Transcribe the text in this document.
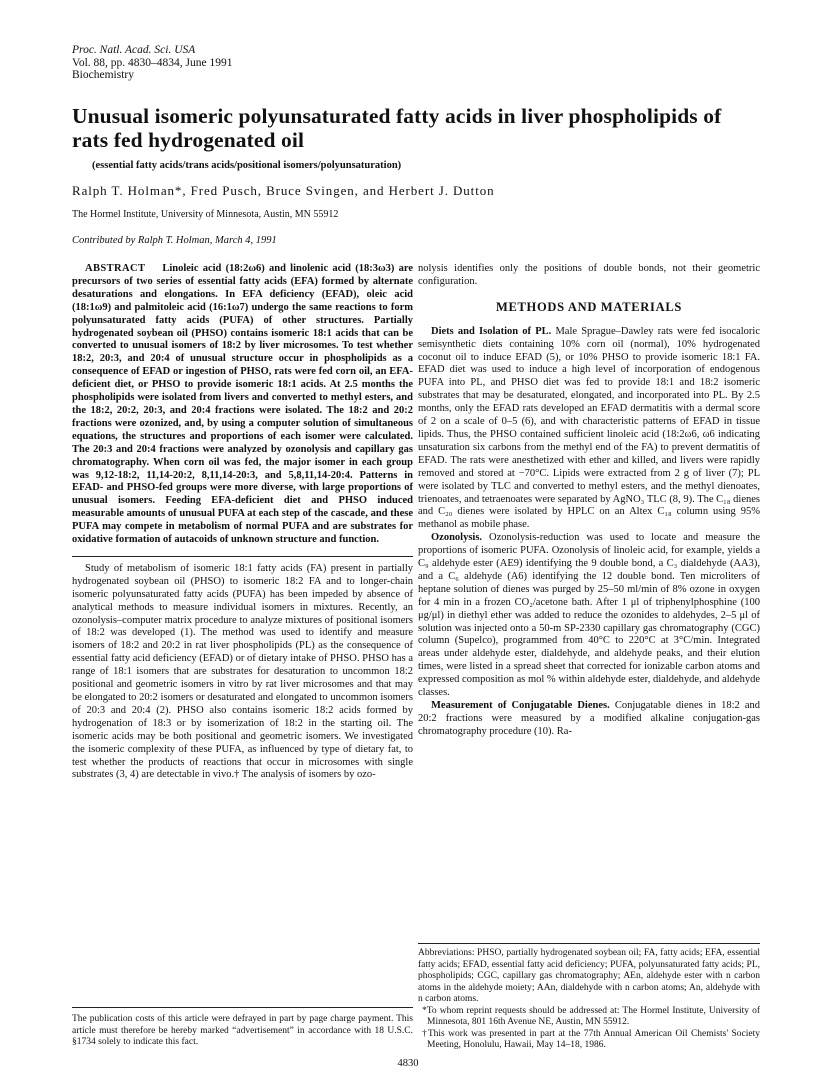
Proc. Natl. Acad. Sci. USA
Vol. 88, pp. 4830–4834, June 1991
Biochemistry
Unusual isomeric polyunsaturated fatty acids in liver phospholipids of rats fed hydrogenated oil
(essential fatty acids/trans acids/positional isomers/polyunsaturation)
Ralph T. Holman*, Fred Pusch, Bruce Svingen, and Herbert J. Dutton
The Hormel Institute, University of Minnesota, Austin, MN 55912
Contributed by Ralph T. Holman, March 4, 1991

ABSTRACT Linoleic acid (18:2ω6) and linolenic acid (18:3ω3) are precursors of two series of essential fatty acids (EFA) formed by alternate desaturations and elongations. In EFA deficiency (EFAD), oleic acid (18:1ω9) and palmitoleic acid (16:1ω7) undergo the same reactions to form polyunsaturated fatty acids (PUFA) of other structures. Partially hydrogenated soybean oil (PHSO) contains isomeric 18:1 acids that can be converted to unusual isomers of 18:2 by liver microsomes. To test whether 18:2, 20:3, and 20:4 of unusual structure occur in phospholipids as a consequence of EFAD or ingestion of PHSO, rats were fed corn oil, an EFA-deficient diet, or PHSO to provide isomeric 18:1 acids. At 2.5 months the phospholipids were isolated from livers and converted to methyl esters, and the 18:2, 20:2, 20:3, and 20:4 fractions were isolated. The 18:2 and 20:2 fractions were ozonized, and, by using a computer solution of simultaneous equations, the structures and proportions of each isomer were calculated. The 20:3 and 20:4 fractions were analyzed by ozonolysis and capillary gas chromatography. When corn oil was fed, the major isomer in each group was 9,12-18:2, 11,14-20:2, 8,11,14-20:3, and 5,8,11,14-20:4. Patterns in EFAD- and PHSO-fed groups were more diverse, with large proportions of unusual isomers. Feeding EFA-deficient diet and PHSO induced measurable amounts of unusual PUFA at each step of the cascade, and these PUFA may compete in metabolism of normal PUFA and are substrates for oxidative formation of autacoids of unknown structure and function.

Study of metabolism of isomeric 18:1 fatty acids (FA) present in partially hydrogenated soybean oil (PHSO) to isomeric 18:2 FA and to longer-chain isomeric polyunsaturated fatty acids (PUFA) has been impeded by absence of analytical methods to measure individual isomers in mixtures. Recently, an ozonolysis–computer matrix procedure to analyze mixtures of positional isomers of 18:2 was developed (1). The method was used to identify and measure isomers of 18:2 and 20:2 in rat liver phospholipids (PL) as the consequence of essential fatty acid deficiency (EFAD) or of dietary intake of PHSO. PHSO has a range of 18:1 isomers that are substrates for desaturation to uncommon 18:2 positional and geometric isomers in vitro by rat liver microsomes and that may be elongated to 20:2 isomers or desaturated and elongated to uncommon isomers of 20:3 and 20:4 (2). PHSO also contains isomeric 18:2 acids formed by hydrogenation of 18:3 or by isomerization of 18:2 in the starting oil. The isomeric acids may be both positional and geometric isomers. We investigated the isomeric complexity of these PUFA, as influenced by type of dietary fat, to test whether the products of reactions that occur in microsomes with single substrates (3, 4) are detectable in vivo.† The analysis of isomers by ozo-

The publication costs of this article were defrayed in part by page charge payment. This article must therefore be hereby marked “advertisement” in accordance with 18 U.S.C. §1734 solely to indicate this fact.

nolysis identifies only the positions of double bonds, not their geometric configuration.

METHODS AND MATERIALS

Diets and Isolation of PL. Male Sprague–Dawley rats were fed isocaloric semisynthetic diets containing 10% corn oil (normal), 10% hydrogenated coconut oil to induce EFAD (5), or 10% PHSO to provide isomeric 18:1 FA. EFAD diet was used to induce a high level of incorporation of endogenous PUFA into PL, and PHSO diet was fed to provide 18:1 and 18:2 isomeric substrates that may be desaturated, elongated, and incorporated into PL. By 2.5 months, only the EFAD rats developed an EFAD dermatitis with a dermal score of 2 on a scale of 0–5 (6), and with characteristic patterns of EFAD in tissue lipids. Thus, the PHSO contained sufficient linoleic acid (18:2ω6, ω6 indicating unsaturation six carbons from the methyl end of the FA) to prevent dermatitis of EFAD. The rats were anesthetized with ether and killed, and livers were rapidly removed and stored at −70°C. Lipids were extracted from 2 g of liver (7); PL were isolated by TLC and converted to methyl esters, and the methyl dienoates, trienoates, and tetraenoates were separated by AgNO₃ TLC (8, 9). The C₁₈ dienes and C₂₀ dienes were isolated by HPLC on an Altex C₁₈ column using 95% methanol as mobile phase.

Ozonolysis. Ozonolysis-reduction was used to locate and measure the proportions of isomeric PUFA. Ozonolysis of linoleic acid, for example, yields a C₉ aldehyde ester (AE9) identifying the 9 double bond, a C₃ dialdehyde (AA3), and a C₆ aldehyde (A6) identifying the 12 double bond. Ten microliters of heptane solution of dienes was purged by 25–50 ml/min of 8% ozone in oxygen for 4 min in a frozen CO₂/acetone bath. After 1 μl of triphenylphosphine (100 μg/μl) in diethyl ether was added to reduce the ozonides to aldehydes, 2–5 μl of solution was injected onto a 50-m SP-2330 capillary gas chromatography (CGC) column (Supelco), programmed from 40°C to 220°C at 3°C/min. Integrated areas under aldehyde ester, dialdehyde, and aldehyde peaks, and their elution times, were listed in a spread sheet that corrected for ionizable carbon atoms and expressed composition as mol % within aldehyde ester, dialdehyde, and aldehyde classes.

Measurement of Conjugatable Dienes. Conjugatable dienes in 18:2 and 20:2 fractions were measured by a modified alkaline conjugation-gas chromatography procedure (10). Ra-

Abbreviations: PHSO, partially hydrogenated soybean oil; FA, fatty acids; EFA, essential fatty acids; EFAD, essential fatty acid deficiency; PUFA, polyunsaturated fatty acids; PL, phospholipids; CGC, capillary gas chromatography; AEn, aldehyde ester with n carbon atoms in the aldehyde moiety; AAn, dialdehyde with n carbon atoms; An, aldehyde with n carbon atoms.

*To whom reprint requests should be addressed at: The Hormel Institute, University of Minnesota, 801 16th Avenue NE, Austin, MN 55912.

†This work was presented in part at the 77th Annual American Oil Chemists' Society Meeting, Honolulu, Hawaii, May 14–18, 1986.

4830
